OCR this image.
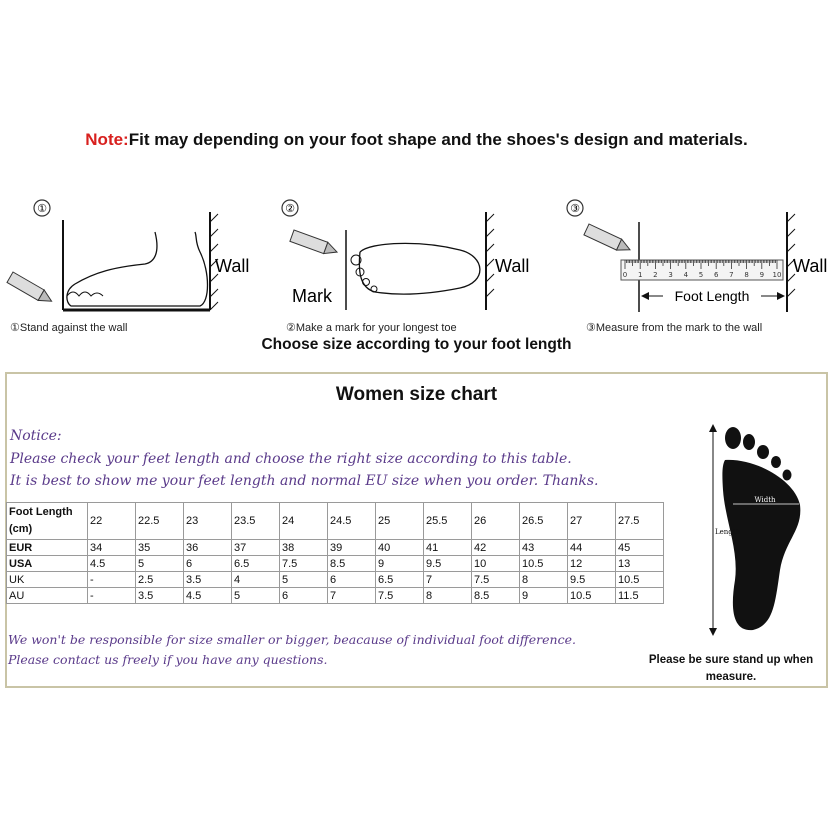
Note:Fit may depending on your foot shape and the shoes's design and materials.
①
Wall
①Stand against the wall
②
Mark
Wall
②Make a mark for your longest toe
③
0 1 2 3 4 5 6 7 8 9 10
Foot Length
Wall
③Measure from the mark to the wall
Choose size according to your foot length
Women size chart
Notice:
Please check your feet length and choose the right size according to this table.
It is best to show me your feet length and normal EU size when you order. Thanks.
Foot Length (cm)	22	22.5	23	23.5	24	24.5	25	25.5	26	26.5	27	27.5
EUR	34	35	36	37	38	39	40	41	42	43	44	45
USA	4.5	5	6	6.5	7.5	8.5	9	9.5	10	10.5	12	13
UK	-	2.5	3.5	4	5	6	6.5	7	7.5	8	9.5	10.5
AU	-	3.5	4.5	5	6	7	7.5	8	8.5	9	10.5	11.5
We won't be responsible for size smaller or bigger, beacause of individual foot difference.
Please contact us freely if you have any questions.
Width
Length
Please be sure stand up when
measure.
